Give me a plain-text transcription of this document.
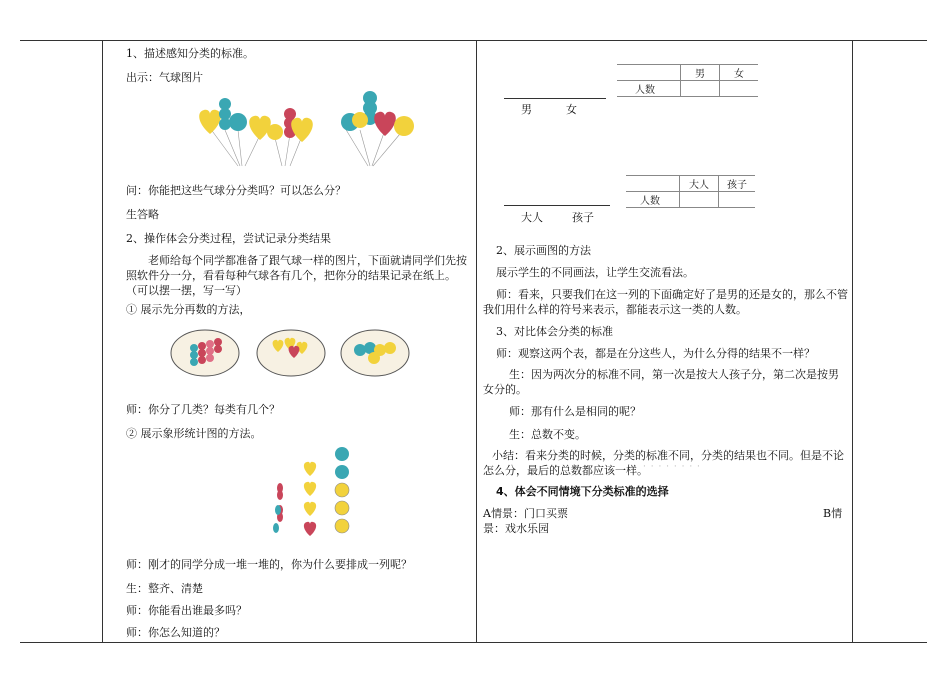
1、描述感知分类的标准。
出示：气球图片
问：你能把这些气球分分类吗？可以怎么分？
生答略
2、操作体会分类过程，尝试记录分类结果
老师给每个同学都准备了跟气球一样的图片，下面就请同学们先按照软件分一分，看看每种气球各有几个，把你分的结果记录在纸上。（可以摆一摆，写一写）
① 展示先分再数的方法，
师：你分了几类？每类有几个？
② 展示象形统计图的方法。
师：刚才的同学分成一堆一堆的，你为什么要排成一列呢？
生：整齐、清楚
师：你能看出谁最多吗？
师：你怎么知道的？
男	女
	男	女
人数		
大人	孩子
	大人	孩子
人数		
2、展示画图的方法
展示学生的不同画法，让学生交流看法。
师：看来，只要我们在这一列的下面确定好了是男的还是女的，那么不管我们用什么样的符号来表示，都能表示这一类的人数。
3、对比体会分类的标准
师：观察这两个表，都是在分这些人，为什么分得的结果不一样？
生：因为两次分的标准不同，第一次是按大人孩子分，第二次是按男女分的。
师：那有什么是相同的呢？
生：总数不变。
小结：看来分类的时候，分类的标准不同，分类的结果也不同。但是不论怎么分，最后的总数都应该一样。
· · · · · · · ·
4、体会不同情境下分类标准的选择
A情景：门口买票	B情
景：戏水乐园
